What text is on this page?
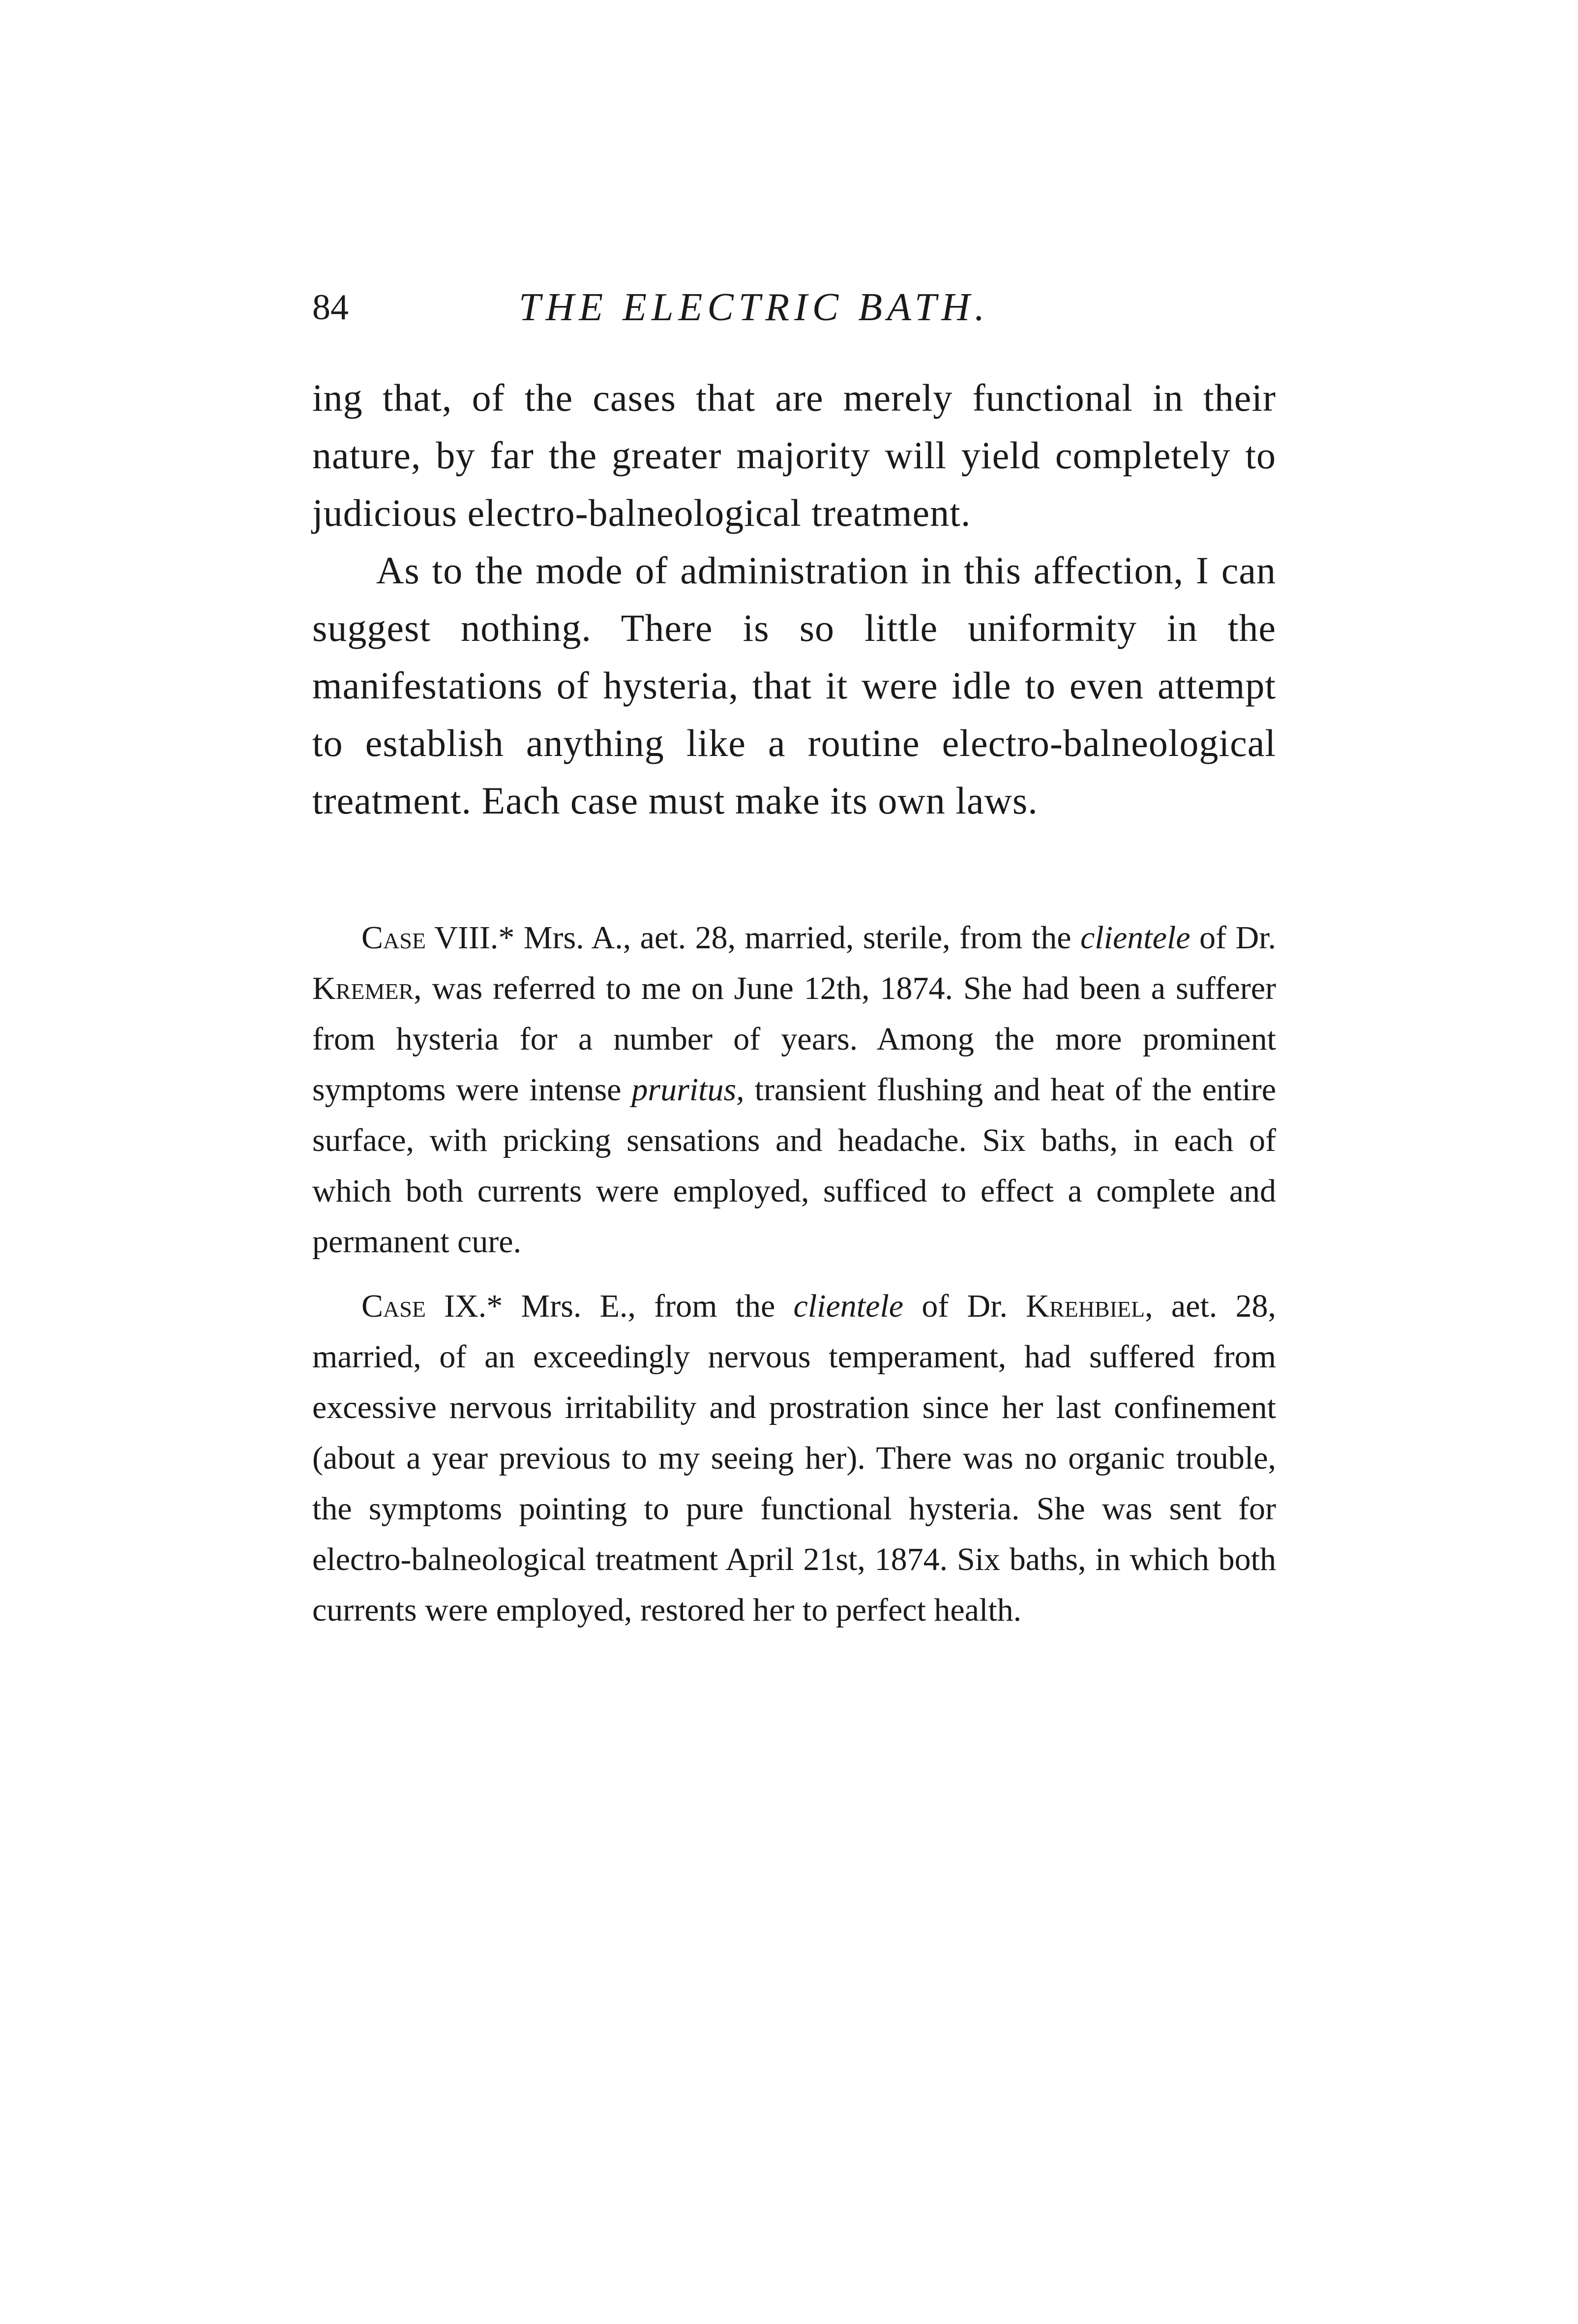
84	THE ELECTRIC BATH.

ing that, of the cases that are merely functional in their nature, by far the greater majority will yield completely to judicious electro-balneological treatment.

As to the mode of administration in this affection, I can suggest nothing. There is so little uniformity in the manifestations of hysteria, that it were idle to even attempt to establish anything like a routine electro-balneological treatment. Each case must make its own laws.

Case VIII.* Mrs. A., aet. 28, married, sterile, from the clientele of Dr. Kremer, was referred to me on June 12th, 1874. She had been a sufferer from hysteria for a number of years. Among the more prominent symptoms were intense pruritus, transient flushing and heat of the entire surface, with pricking sensations and headache. Six baths, in each of which both currents were employed, sufficed to effect a complete and permanent cure.

Case IX.* Mrs. E., from the clientele of Dr. Krehbiel, aet. 28, married, of an exceedingly nervous temperament, had suffered from excessive nervous irritability and prostration since her last confinement (about a year previous to my seeing her). There was no organic trouble, the symptoms pointing to pure functional hysteria. She was sent for electro-balneological treatment April 21st, 1874. Six baths, in which both currents were employed, restored her to perfect health.
